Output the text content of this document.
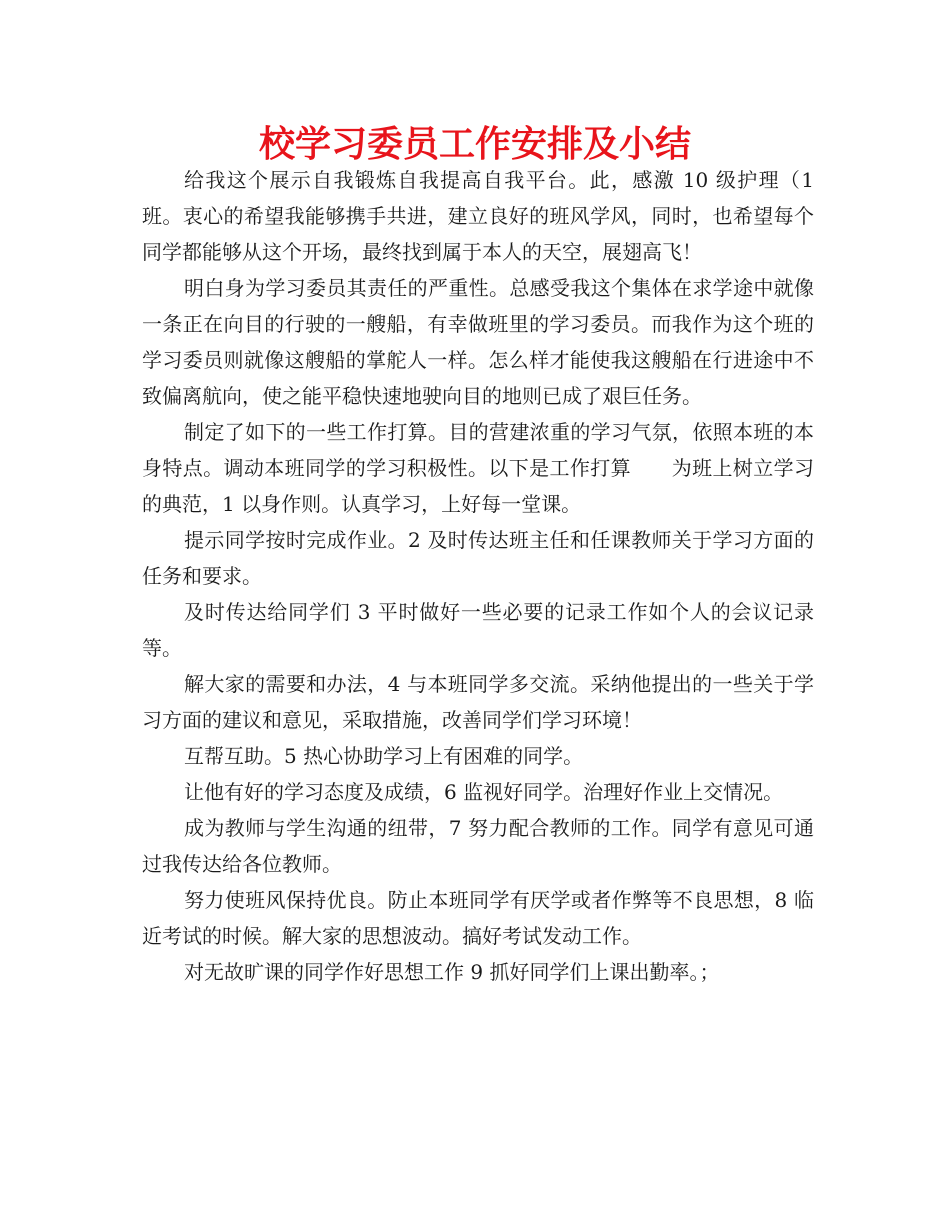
校学习委员工作安排及小结

给我这个展示自我锻炼自我提高自我平台。此，感激 10 级护理（1 班。衷心的希望我能够携手共进，建立良好的班风学风，同时，也希望每个同学都能够从这个开场，最终找到属于本人的天空，展翅高飞！

明白身为学习委员其责任的严重性。总感受我这个集体在求学途中就像一条正在向目的行驶的一艘船，有幸做班里的学习委员。而我作为这个班的学习委员则就像这艘船的掌舵人一样。怎么样才能使我这艘船在行进途中不致偏离航向，使之能平稳快速地驶向目的地则已成了艰巨任务。

制定了如下的一些工作打算。目的营建浓重的学习气氛，依照本班的本身特点。调动本班同学的学习积极性。以下是工作打算　　为班上树立学习的典范，1 以身作则。认真学习，上好每一堂课。

提示同学按时完成作业。2 及时传达班主任和任课教师关于学习方面的任务和要求。

及时传达给同学们 3 平时做好一些必要的记录工作如个人的会议记录等。

解大家的需要和办法，4 与本班同学多交流。采纳他提出的一些关于学习方面的建议和意见，采取措施，改善同学们学习环境！

互帮互助。5 热心协助学习上有困难的同学。

让他有好的学习态度及成绩，6 监视好同学。治理好作业上交情况。

成为教师与学生沟通的纽带，7 努力配合教师的工作。同学有意见可通过我传达给各位教师。

努力使班风保持优良。防止本班同学有厌学或者作弊等不良思想，8 临近考试的时候。解大家的思想波动。搞好考试发动工作。

对无故旷课的同学作好思想工作 9 抓好同学们上课出勤率。；
